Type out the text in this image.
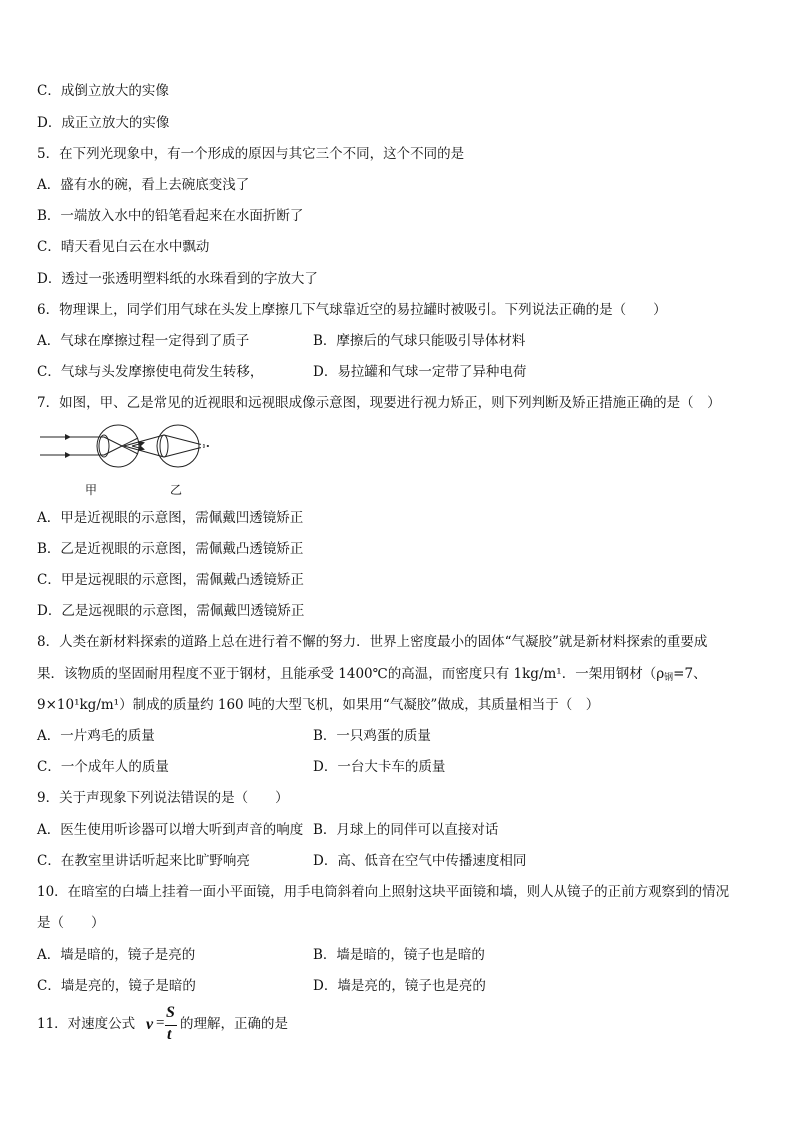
C．成倒立放大的实像
D．成正立放大的实像
5．在下列光现象中，有一个形成的原因与其它三个不同，这个不同的是
A．盛有水的碗，看上去碗底变浅了
B．一端放入水中的铅笔看起来在水面折断了
C．晴天看见白云在水中飘动
D．透过一张透明塑料纸的水珠看到的字放大了
6．物理课上，同学们用气球在头发上摩擦几下气球靠近空的易拉罐时被吸引。下列说法正确的是（　　）
A．气球在摩擦过程一定得到了质子	B．摩擦后的气球只能吸引导体材料
C．气球与头发摩擦使电荷发生转移，	D．易拉罐和气球一定带了异种电荷
7．如图，甲、乙是常见的近视眼和远视眼成像示意图，现要进行视力矫正，则下列判断及矫正措施正确的是（　）
甲	乙
A．甲是近视眼的示意图，需佩戴凹透镜矫正
B．乙是近视眼的示意图，需佩戴凸透镜矫正
C．甲是远视眼的示意图，需佩戴凸透镜矫正
D．乙是远视眼的示意图，需佩戴凹透镜矫正
8．人类在新材料探索的道路上总在进行着不懈的努力．世界上密度最小的固体“气凝胶”就是新材料探索的重要成
果．该物质的坚固耐用程度不亚于钢材，且能承受 1400℃的高温，而密度只有 1kg/m¹．一架用钢材（$\rho_钢=7$、
9×10¹kg/m¹）制成的质量约 160 吨的大型飞机，如果用“气凝胶”做成，其质量相当于（　）
A．一片鸡毛的质量	B．一只鸡蛋的质量
C．一个成年人的质量	D．一台大卡车的质量
9．关于声现象下列说法错误的是（　　）
A．医生使用听诊器可以增大听到声音的响度 B．月球上的同伴可以直接对话
C．在教室里讲话听起来比旷野响亮	D．高、低音在空气中传播速度相同
10．在暗室的白墙上挂着一面小平面镜，用手电筒斜着向上照射这块平面镜和墙，则人从镜子的正前方观察到的情况
是（　　）
A．墙是暗的，镜子是亮的	B．墙是暗的，镜子也是暗的
C．墙是亮的，镜子是暗的	D．墙是亮的，镜子也是亮的
11．对速度公式 v =
S
t
的理解，正确的是
